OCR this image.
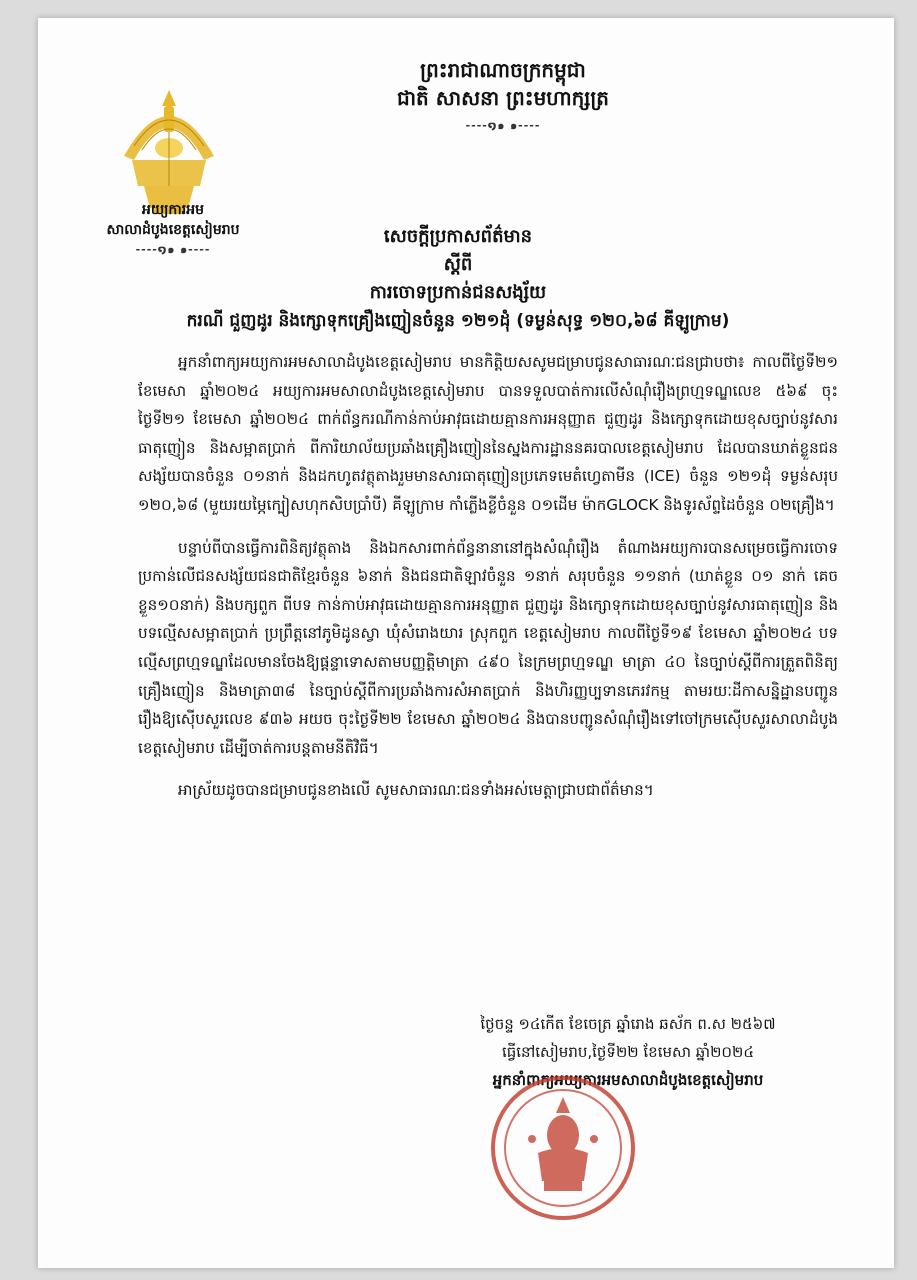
ព្រះរាជាណាចក្រកម្ពុជា
ជាតិ សាសនា ព្រះមហាក្សត្រ
----໑๑ ๑----
អយ្យការអម
សាលាដំបូងខេត្តសៀមរាប
----໑๑ ๑----
សេចក្តីប្រកាសព័ត៌មាន
ស្តីពី
ការចោទប្រកាន់ជនសង្ស័យ
ករណី ជួញដូរ និងក្សោទុកគ្រឿងញៀនចំនួន ១២១ដុំ (ទម្ងន់សុទ្ធ ១២០,៦៨ គីឡូក្រាម)

អ្នកនាំពាក្យអយ្យការអមសាលាដំបូងខេត្តសៀមរាប មានកិត្តិយសសូមជម្រាបជូនសាធារណៈជនជ្រាបថា៖ កាលពីថ្ងៃទី២១ ខែមេសា ឆ្នាំ២០២៤ អយ្យការអមសាលាដំបូងខេត្តសៀមរាប បានទទួលបាត់ការលើសំណុំរឿងព្រហ្មទណ្ឌលេខ ៥៦៩ ចុះថ្ងៃទី២១ ខែមេសា ឆ្នាំ២០២៤ ពាក់ព័ន្ធករណីកាន់កាប់អាវុធដោយគ្មានការអនុញ្ញាត ជួញដូរ និងក្សោទុកដោយខុសច្បាប់នូវសារធាតុញៀន និងសម្អាតប្រាក់ ពីការិយាល័យប្រឆាំងគ្រឿងញៀននៃស្នងការដ្ឋាននគរបាលខេត្តសៀមរាប ដែលបានឃាត់ខ្លួនជនសង្ស័យបានចំនួន ០១នាក់ និងដកហូតវត្ថុតាងរួមមានសារធាតុញៀនប្រភេទមេតំហ្វេតាមីន (ICE) ចំនួន ១២១ដុំ ទម្ងន់សរុប ១២០,៦៨ (មួយរយម្ភៃក្បៀសហុកសិបប្រាំបី) គីឡូក្រាម កាំភ្លើងខ្លីចំនួន ០១ដើម ម៉ាកGLOCK និងទូរស័ព្ទដៃចំនួន ០២គ្រឿង។

បន្ទាប់ពីបានធ្វើការពិនិត្យវត្ថុតាង និងឯកសារពាក់ព័ន្ធនានានៅក្នុងសំណុំរឿង តំណាងអយ្យការបានសម្រេចធ្វើការចោទប្រកាន់លើជនសង្ស័យជនជាតិខ្មែរចំនួន ៦នាក់ និងជនជាតិឡាវចំនួន ១នាក់ សរុបចំនួន ១១នាក់ (ឃាត់ខ្លួន ០១ នាក់ គេចខ្លួន១០នាក់) និងបក្សពួក ពីបទ កាន់កាប់អាវុធដោយគ្មានការអនុញ្ញាត ជួញដូរ និងក្សោទុកដោយខុសច្បាប់នូវសារធាតុញៀន និង បទល្មើសសម្អាតប្រាក់ ប្រព្រឹត្តនៅភូមិដូនស្វា ឃុំសំរោងយារ ស្រុកពួក ខេត្តសៀមរាប កាលពីថ្ងៃទី១៩ ខែមេសា ឆ្នាំ២០២៤ បទល្មើសព្រហ្មទណ្ឌដែលមានចែងឱ្យផ្តន្ទាទោសតាមបញ្ញត្តិមាត្រា ៤៩០ នៃក្រមព្រហ្មទណ្ឌ មាត្រា ៤០ នៃច្បាប់ស្តីពីការត្រួតពិនិត្យគ្រឿងញៀន និងមាត្រា៣៨ នៃច្បាប់ស្តីពីការប្រឆាំងការសំអាតប្រាក់ និងហិរញ្ញប្បទានភេរវកម្ម តាមរយៈដីកាសន្និដ្ឋានបញ្ជូនរឿងឱ្យស៊ើបសួរលេខ ៩៣៦ អយច ចុះថ្ងៃទី២២ ខែមេសា ឆ្នាំ២០២៤ និងបានបញ្ជូនសំណុំរឿងទៅចៅក្រមស៊ើបសួរសាលាដំបូងខេត្តសៀមរាប ដើម្បីចាត់ការបន្តតាមនីតិវិធី។

អាស្រ័យដូចបានជម្រាបជូនខាងលើ សូមសាធារណៈជនទាំងអស់មេត្តាជ្រាបជាព័ត៌មាន។

ថ្ងៃចន្ទ ១៤កើត ខែចេត្រ ឆ្នាំរោង ឆស័ក ព.ស ២៥៦៧
ធ្វើនៅសៀមរាប,ថ្ងៃទី២២ ខែមេសា ឆ្នាំ២០២៤
អ្នកនាំពាក្យអយ្យការអមសាលាដំបូងខេត្តសៀមរាប
